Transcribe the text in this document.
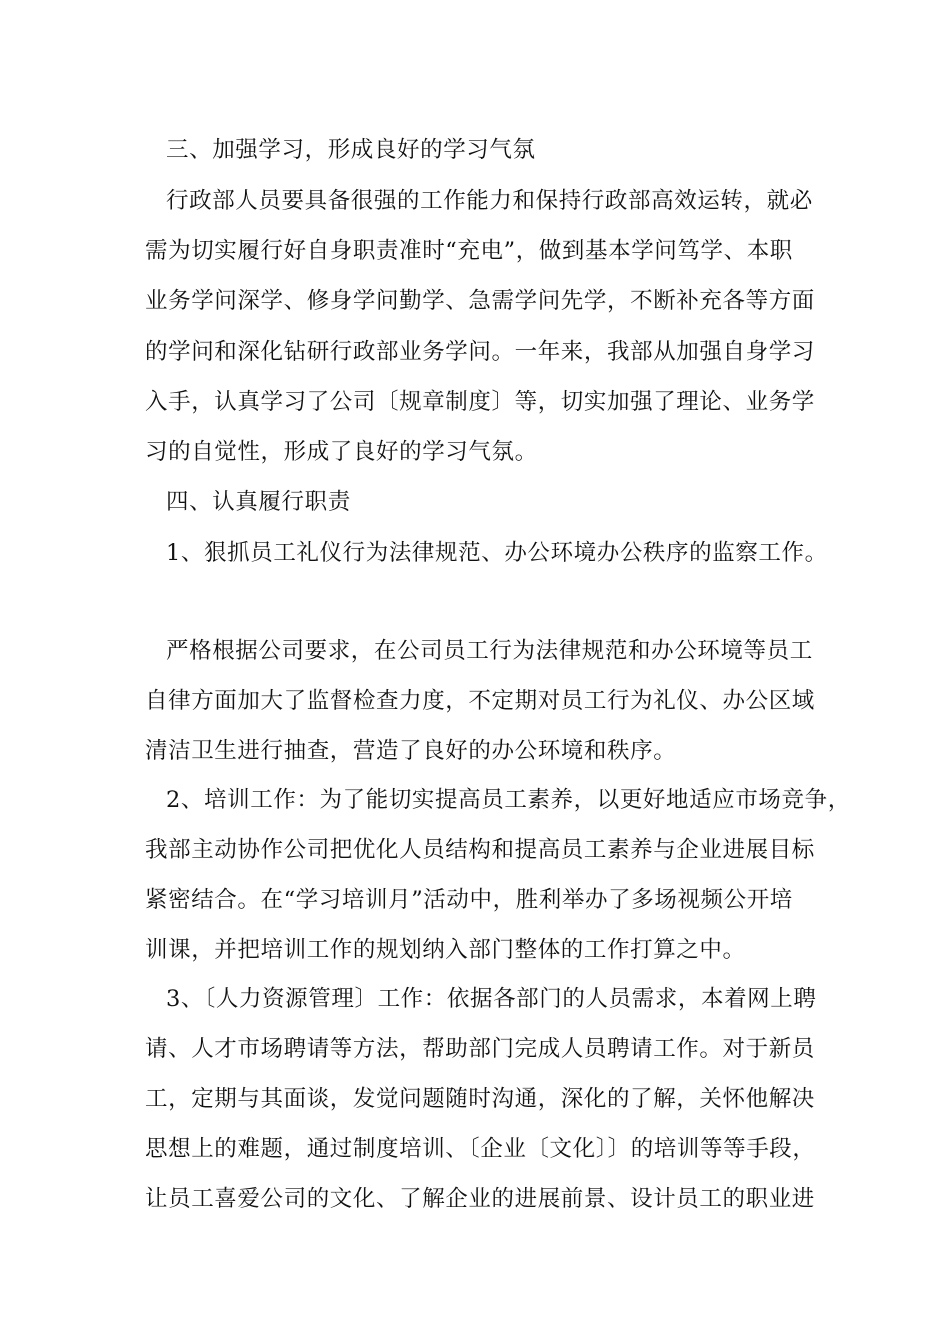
三、加强学习，形成良好的学习气氛
行政部人员要具备很强的工作能力和保持行政部高效运转，就必
需为切实履行好自身职责准时“充电”，做到基本学问笃学、本职
业务学问深学、修身学问勤学、急需学问先学，不断补充各等方面
的学问和深化钻研行政部业务学问。一年来，我部从加强自身学习
入手，认真学习了公司〔规章制度〕等，切实加强了理论、业务学
习的自觉性，形成了良好的学习气氛。
四、认真履行职责
1、狠抓员工礼仪行为法律规范、办公环境办公秩序的监察工作。
严格根据公司要求，在公司员工行为法律规范和办公环境等员工
自律方面加大了监督检查力度，不定期对员工行为礼仪、办公区域
清洁卫生进行抽查，营造了良好的办公环境和秩序。
2、培训工作：为了能切实提高员工素养，以更好地适应市场竞争，
我部主动协作公司把优化人员结构和提高员工素养与企业进展目标
紧密结合。在“学习培训月”活动中，胜利举办了多场视频公开培
训课，并把培训工作的规划纳入部门整体的工作打算之中。
3、〔人力资源管理〕工作：依据各部门的人员需求，本着网上聘
请、人才市场聘请等方法，帮助部门完成人员聘请工作。对于新员
工，定期与其面谈，发觉问题随时沟通，深化的了解，关怀他解决
思想上的难题，通过制度培训、〔企业〔文化〕〕的培训等等手段，
让员工喜爱公司的文化、了解企业的进展前景、设计员工的职业进
